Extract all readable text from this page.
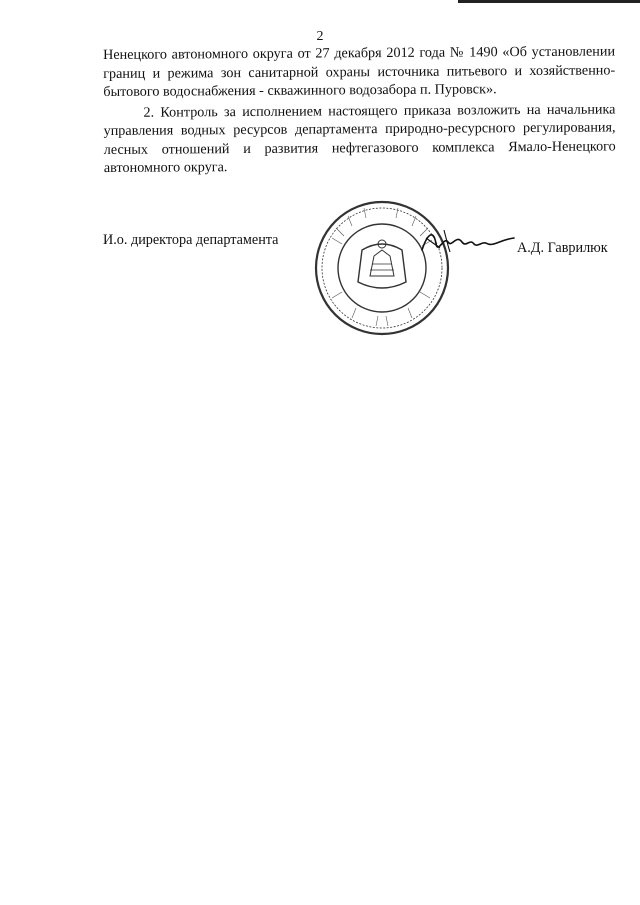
2

Ненецкого автономного округа от 27 декабря 2012 года № 1490 «Об установлении границ и режима зон санитарной охраны источника питьевого и хозяйственно-бытового водоснабжения - скважинного водозабора п. Пуровск».

2. Контроль за исполнением настоящего приказа возложить на начальника управления водных ресурсов департамента природно-ресурсного регулирования, лесных отношений и развития нефтегазового комплекса Ямало-Ненецкого автономного округа.

И.о. директора департамента	А.Д. Гаврилюк
